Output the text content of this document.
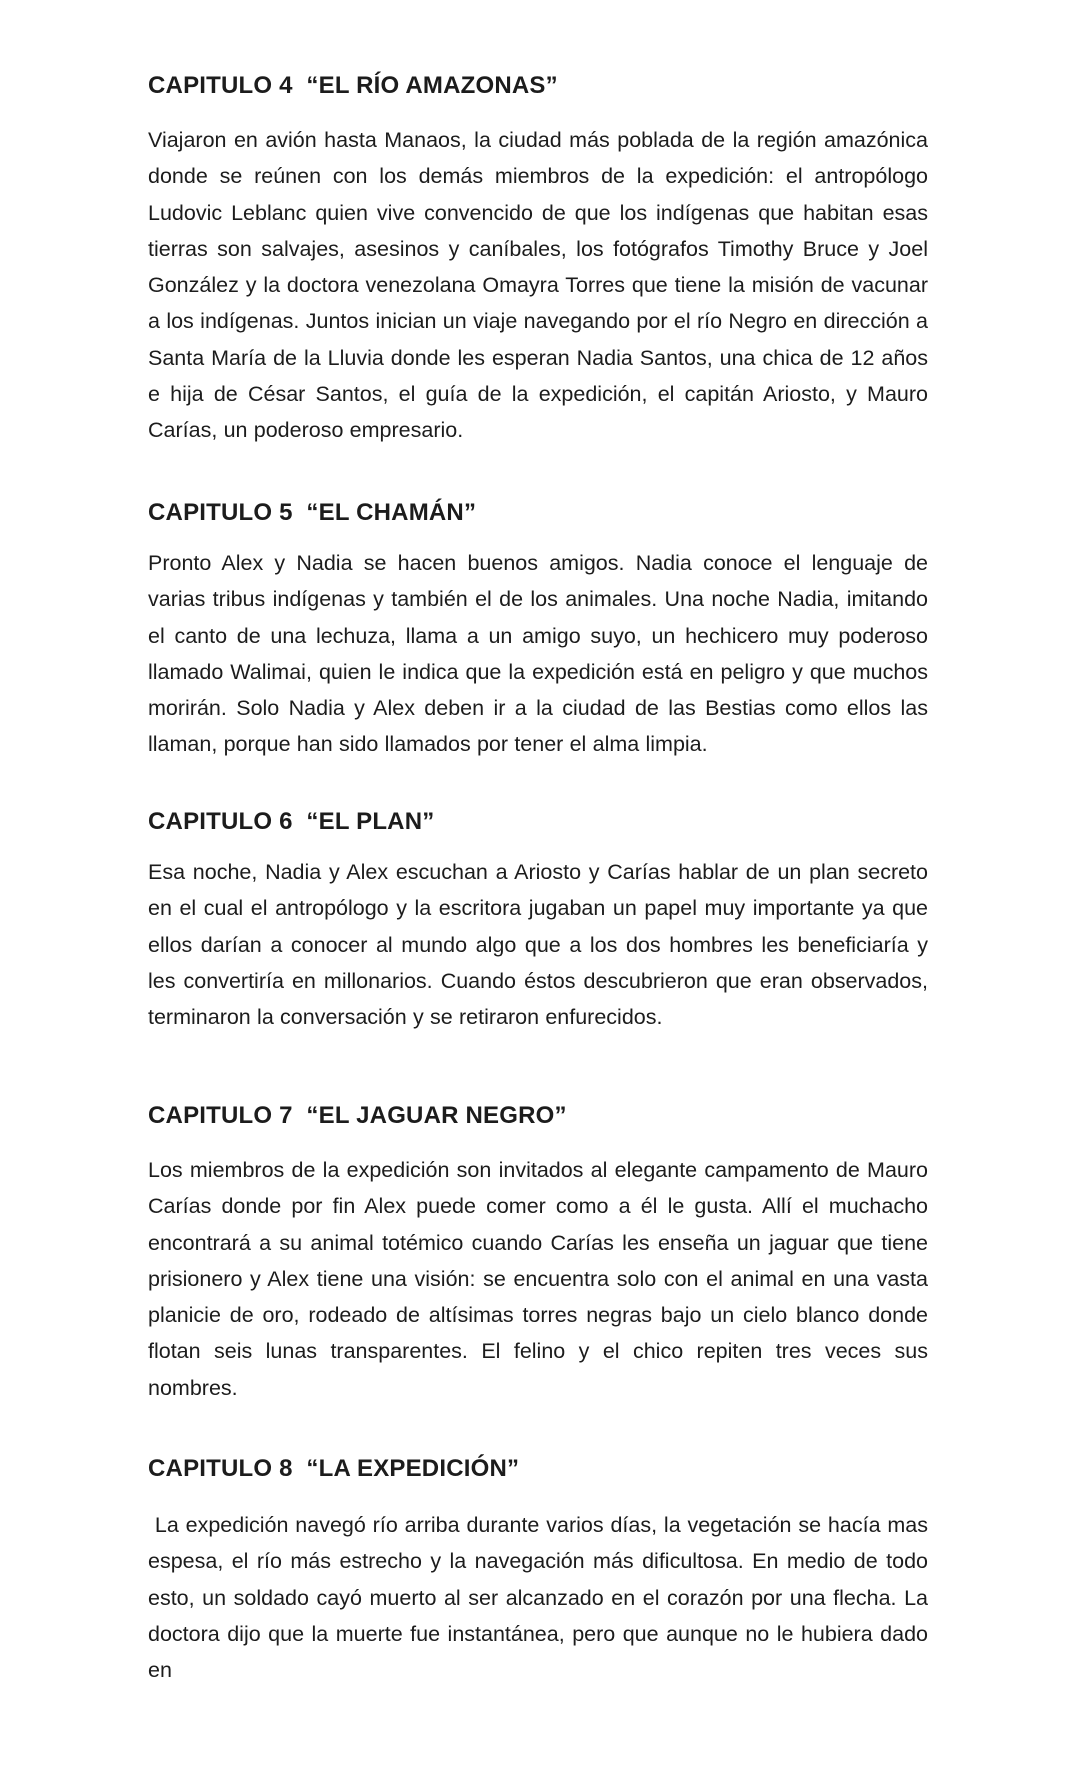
CAPITULO 4  “EL RÍO AMAZONAS”

Viajaron en avión hasta Manaos, la ciudad más poblada de la región amazónica donde se reúnen con los demás miembros de la expedición: el antropólogo Ludovic Leblanc quien vive convencido de que los indígenas que habitan esas tierras son salvajes, asesinos y caníbales, los fotógrafos Timothy Bruce y Joel González y la doctora venezolana Omayra Torres que tiene la misión de vacunar a los indígenas. Juntos inician un viaje navegando por el río Negro en dirección a Santa María de la Lluvia donde les esperan Nadia Santos, una chica de 12 años e hija de César Santos, el guía de la expedición, el capitán Ariosto, y Mauro Carías, un poderoso empresario.

CAPITULO 5  “EL CHAMÁN”

Pronto Alex y Nadia se hacen buenos amigos. Nadia conoce el lenguaje de varias tribus indígenas y también el de los animales. Una noche Nadia, imitando el canto de una lechuza, llama a un amigo suyo, un hechicero muy poderoso llamado Walimai, quien le indica que la expedición está en peligro y que muchos morirán. Solo Nadia y Alex deben ir a la ciudad de las Bestias como ellos las llaman, porque han sido llamados por tener el alma limpia.

CAPITULO 6  “EL PLAN”

Esa noche, Nadia y Alex escuchan a Ariosto y Carías hablar de un plan secreto en el cual el antropólogo y la escritora jugaban un papel muy importante ya que ellos darían a conocer al mundo algo que a los dos hombres les beneficiaría y les convertiría en millonarios. Cuando éstos descubrieron que eran observados, terminaron la conversación y se retiraron enfurecidos.

CAPITULO 7  “EL JAGUAR NEGRO”

Los miembros de la expedición son invitados al elegante campamento de Mauro Carías donde por fin Alex puede comer como a él le gusta. Allí el muchacho encontrará a su animal totémico cuando Carías les enseña un jaguar que tiene prisionero y Alex tiene una visión: se encuentra solo con el animal en una vasta planicie de oro, rodeado de altísimas torres negras bajo un cielo blanco donde flotan seis lunas transparentes. El felino y el chico repiten tres veces sus nombres.

CAPITULO 8  “LA EXPEDICIÓN”

La expedición navegó río arriba durante varios días, la vegetación se hacía mas espesa, el río más estrecho y la navegación más dificultosa. En medio de todo esto, un soldado cayó muerto al ser alcanzado en el corazón por una flecha. La doctora dijo que la muerte fue instantánea, pero que aunque no le hubiera dado en
